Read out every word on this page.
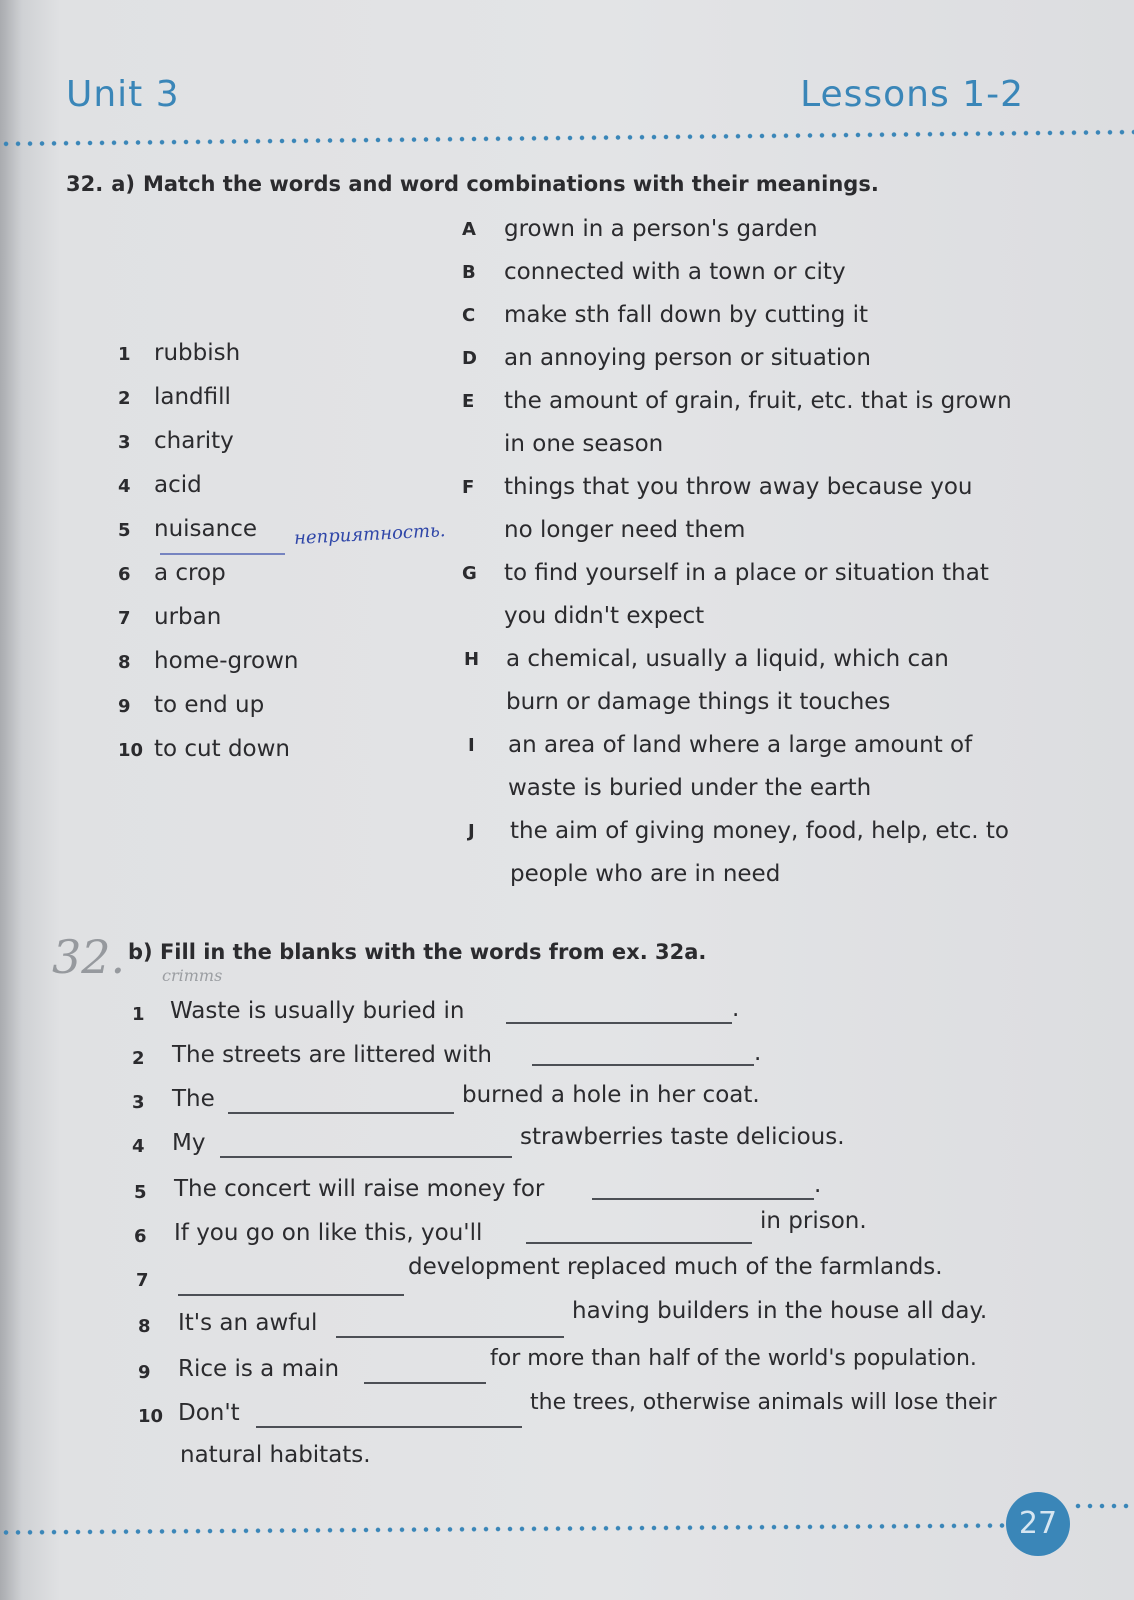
Unit 3	Lessons 1-2
32. a) Match the words and word combinations with their meanings.
1 rubbish
2 landfill
3 charity
4 acid
5 nuisance
6 a crop
7 urban
8 home-grown
9 to end up
10 to cut down
неприятность.
A grown in a person's garden
B connected with a town or city
C make sth fall down by cutting it
D an annoying person or situation
E the amount of grain, fruit, etc. that is grown
in one season
F things that you throw away because you
no longer need them
G to find yourself in a place or situation that
you didn't expect
H a chemical, usually a liquid, which can
burn or damage things it touches
I an area of land where a large amount of
waste is buried under the earth
J the aim of giving money, food, help, etc. to
people who are in need
32. crimms
b) Fill in the blanks with the words from ex. 32a.
1 Waste is usually buried in	.
2 The streets are littered with	.
3 The	burned a hole in her coat.
4 My	strawberries taste delicious.
5 The concert will raise money for	.
6 If you go on like this, you'll	in prison.
7
development replaced much of the farmlands.
8 It's an awful	having builders in the house all day.
9 Rice is a main	for more than half of the world's population.
10 Don't	the trees, otherwise animals will lose their
natural habitats.
27
